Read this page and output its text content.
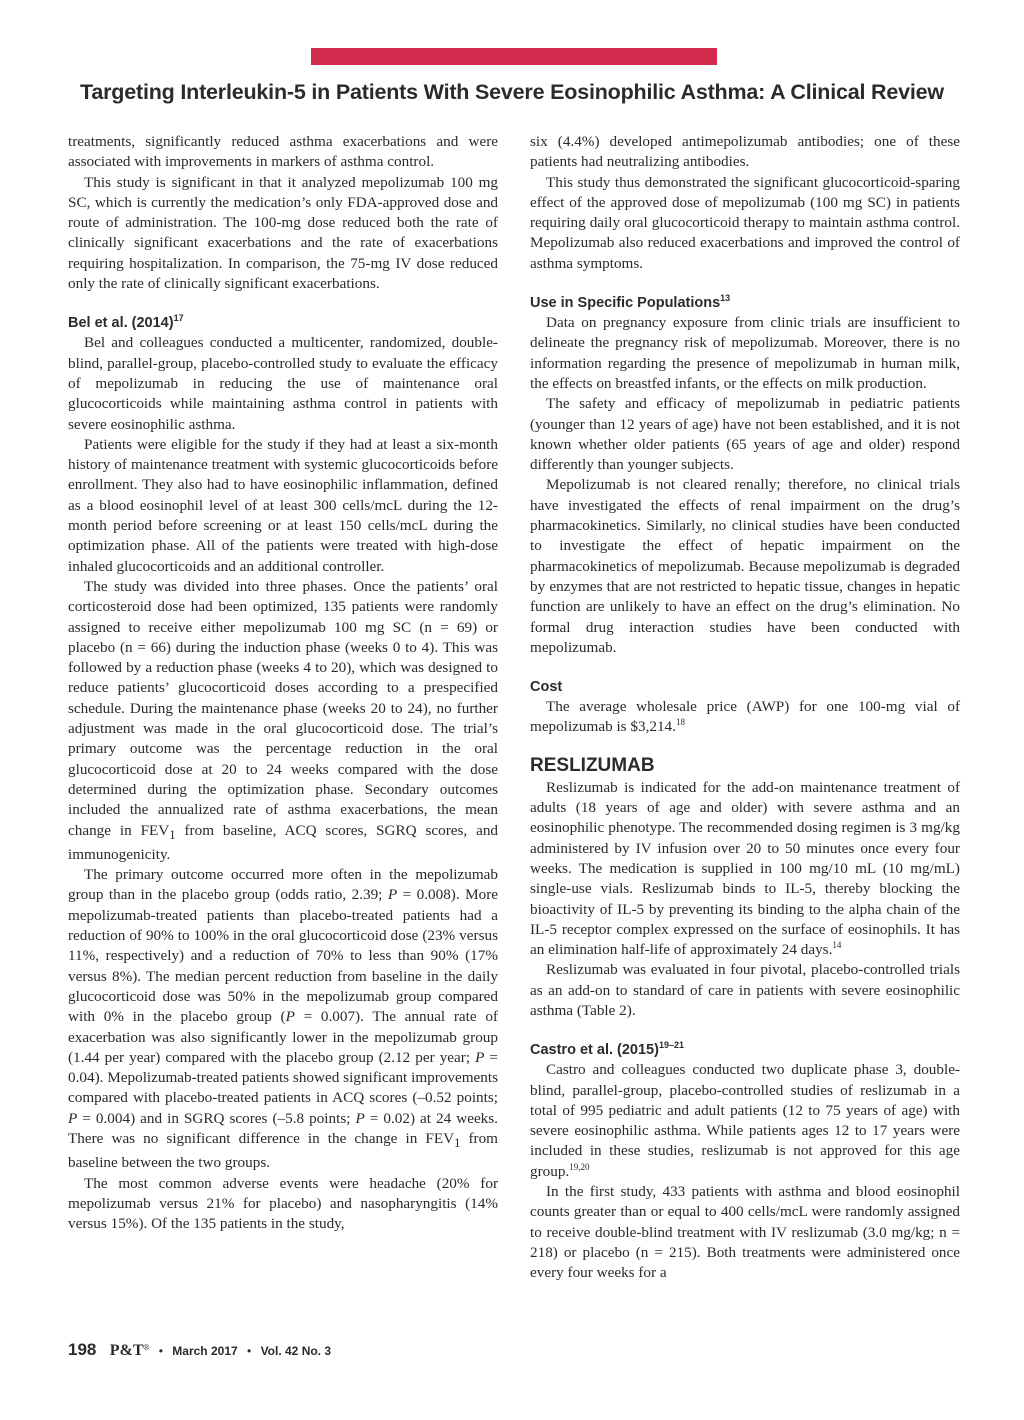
Targeting Interleukin-5 in Patients With Severe Eosinophilic Asthma: A Clinical Review

treatments, significantly reduced asthma exacerbations and were associated with improvements in markers of asthma control.

This study is significant in that it analyzed mepolizumab 100 mg SC, which is currently the medication’s only FDA-approved dose and route of administration. The 100-mg dose reduced both the rate of clinically significant exacerbations and the rate of exacerbations requiring hospitalization. In comparison, the 75-mg IV dose reduced only the rate of clinically significant exacerbations.

Bel et al. $(2014)^{17}$

Bel and colleagues conducted a multicenter, randomized, double-blind, parallel-group, placebo-controlled study to evaluate the efficacy of mepolizumab in reducing the use of maintenance oral glucocorticoids while maintaining asthma control in patients with severe eosinophilic asthma.

Patients were eligible for the study if they had at least a six-month history of maintenance treatment with systemic glucocorticoids before enrollment. They also had to have eosinophilic inflammation, defined as a blood eosinophil level of at least 300 cells/mcL during the 12-month period before screening or at least 150 cells/mcL during the optimization phase. All of the patients were treated with high-dose inhaled glucocorticoids and an additional controller.

The study was divided into three phases. Once the patients’ oral corticosteroid dose had been optimized, 135 patients were randomly assigned to receive either mepolizumab 100 mg SC (n = 69) or placebo (n = 66) during the induction phase (weeks 0 to 4). This was followed by a reduction phase (weeks 4 to 20), which was designed to reduce patients’ glucocorticoid doses according to a prespecified schedule. During the maintenance phase (weeks 20 to 24), no further adjustment was made in the oral glucocorticoid dose. The trial’s primary outcome was the percentage reduction in the oral glucocorticoid dose at 20 to 24 weeks compared with the dose determined during the optimization phase. Secondary outcomes included the annualized rate of asthma exacerbations, the mean change in $FEV_1$ from baseline, ACQ scores, SGRQ scores, and immunogenicity.

The primary outcome occurred more often in the mepolizumab group than in the placebo group (odds ratio, 2.39; P = 0.008). More mepolizumab-treated patients than placebo-treated patients had a reduction of 90% to 100% in the oral glucocorticoid dose (23% versus 11%, respectively) and a reduction of 70% to less than 90% (17% versus 8%). The median percent reduction from baseline in the daily glucocorticoid dose was 50% in the mepolizumab group compared with 0% in the placebo group (P = 0.007). The annual rate of exacerbation was also significantly lower in the mepolizumab group (1.44 per year) compared with the placebo group (2.12 per year; P = 0.04). Mepolizumab-treated patients showed significant improvements compared with placebo-treated patients in ACQ scores (–0.52 points; P = 0.004) and in SGRQ scores (–5.8 points; P = 0.02) at 24 weeks. There was no significant difference in the change in $FEV_1$ from baseline between the two groups.

The most common adverse events were headache (20% for mepolizumab versus 21% for placebo) and nasopharyngitis (14% versus 15%). Of the 135 patients in the study,

six (4.4%) developed antimepolizumab antibodies; one of these patients had neutralizing antibodies.

This study thus demonstrated the significant glucocorticoid-sparing effect of the approved dose of mepolizumab (100 mg SC) in patients requiring daily oral glucocorticoid therapy to maintain asthma control. Mepolizumab also reduced exacerbations and improved the control of asthma symptoms.

Use in Specific Populations$^{13}$

Data on pregnancy exposure from clinic trials are insufficient to delineate the pregnancy risk of mepolizumab. Moreover, there is no information regarding the presence of mepolizumab in human milk, the effects on breastfed infants, or the effects on milk production.

The safety and efficacy of mepolizumab in pediatric patients (younger than 12 years of age) have not been established, and it is not known whether older patients (65 years of age and older) respond differently than younger subjects.

Mepolizumab is not cleared renally; therefore, no clinical trials have investigated the effects of renal impairment on the drug’s pharmacokinetics. Similarly, no clinical studies have been conducted to investigate the effect of hepatic impairment on the pharmacokinetics of mepolizumab. Because mepolizumab is degraded by enzymes that are not restricted to hepatic tissue, changes in hepatic function are unlikely to have an effect on the drug’s elimination. No formal drug interaction studies have been conducted with mepolizumab.

Cost

The average wholesale price (AWP) for one 100-mg vial of mepolizumab is $3,214.18

RESLIZUMAB

Reslizumab is indicated for the add-on maintenance treatment of adults (18 years of age and older) with severe asthma and an eosinophilic phenotype. The recommended dosing regimen is 3 mg/kg administered by IV infusion over 20 to 50 minutes once every four weeks. The medication is supplied in 100 mg/10 mL (10 mg/mL) single-use vials. Reslizumab binds to IL-5, thereby blocking the bioactivity of IL-5 by preventing its binding to the alpha chain of the IL-5 receptor complex expressed on the surface of eosinophils. It has an elimination half-life of approximately 24 days.$^{14}$

Reslizumab was evaluated in four pivotal, placebo-controlled trials as an add-on to standard of care in patients with severe eosinophilic asthma (Table 2).

Castro et al. $(2015)^{19-21}$

Castro and colleagues conducted two duplicate phase 3, double-blind, parallel-group, placebo-controlled studies of reslizumab in a total of 995 pediatric and adult patients (12 to 75 years of age) with severe eosinophilic asthma. While patients ages 12 to 17 years were included in these studies, reslizumab is not approved for this age group.$^{19,20}$

In the first study, 433 patients with asthma and blood eosinophil counts greater than or equal to 400 cells/mcL were randomly assigned to receive double-blind treatment with IV reslizumab (3.0 mg/kg; n = 218) or placebo (n = 215). Both treatments were administered once every four weeks for a

198 P&T® • March 2017 • Vol. 42 No. 3
